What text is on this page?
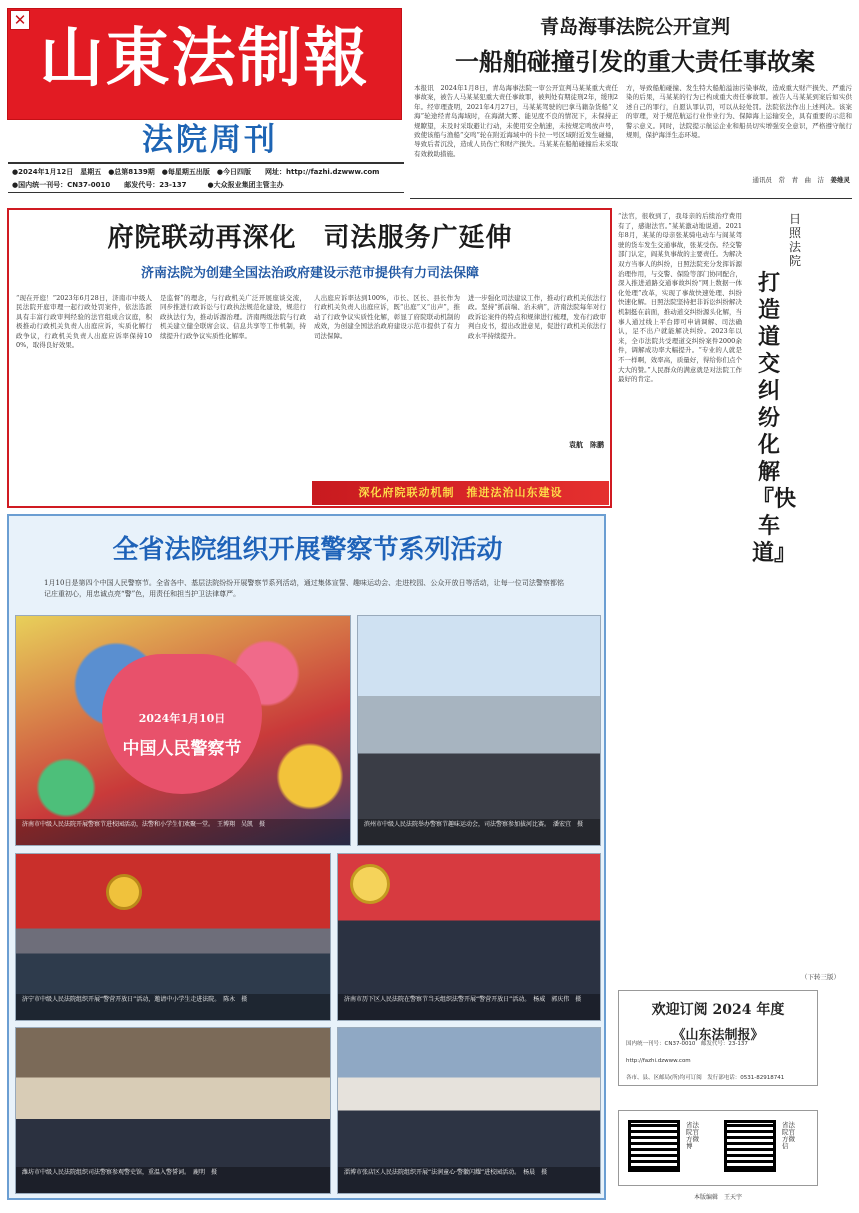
山東法制報
✕
法院周刊
●2024年1月12日　星期五　●总第8139期　●每星期五出版　●今日四版　　网址：http://fazhi.dzwww.com
●国内统一刊号：CN37-0010　　邮发代号：23-137　　　●大众报业集团主管主办
青岛海事法院公开宣判
一船舶碰撞引发的重大责任事故案
本报讯　2024年1月8日，青岛海事法院一审公开宣判马某某重大责任事故案，被告人马某某犯重大责任事故罪，被判处有期徒刑2年，缓刑2年。经审理查明，2021年4月27日，马某某驾驶的巴拿马籍杂货船“义海”轮途经青岛海域时，在海湖大雾、能见度不良的情况下，未保持正规瞭望，未及时采取避让行动，未使用安全航速，未按规定鸣放声号，致使该船与渔船“交鸣”轮在附近海域中的卡拉一号区域附近发生碰撞，导致后者沉没，造成人员伤亡和财产损失。马某某在船舶碰撞后未采取有效救助措施。
方，导致船舶碰撞、发生特大船舶溢油污染事故，造成重大财产损失、严重污染的后果，马某某的行为已构成重大责任事故罪。被告人马某某到案后如实供述自己的罪行，自愿认罪认罚，可以从轻处罚。法院依法作出上述判决。该案的审理，对于规范航运行业作业行为、保障海上运输安全，具有重要的示范和警示意义。同时，法院提示航运企业和船员切实增强安全意识，严格遵守航行规则，保护海洋生态环境。
通讯员　常　青　曲　洁　 姜维灵
府院联动再深化　司法服务广延伸
济南法院为创建全国法治政府建设示范市提供有力司法保障
“现在开庭！”2023年6月28日，济南市中级人民法院开庭审理一起行政处罚案件，依法选派具有丰富行政审判经验的法官组成合议庭，积极推动行政机关负责人出庭应诉，实质化解行政争议，行政机关负责人出庭应诉率保持100%，取得良好效果。
是监督”的理念，与行政机关广泛开展座谈交流，同步推进行政诉讼与行政执法规范化建设，规范行政执法行为，推动诉源治理。济南两级法院与行政机关建立健全联席会议、信息共享等工作机制，持续提升行政争议实质性化解率。
人出庭应诉率达到100%，市长、区长、县长作为行政机关负责人出庭应诉，既“出庭”又“出声”，推动了行政争议实质性化解，彰显了府院联动机制的成效，为创建全国法治政府建设示范市提供了有力司法保障。
进一步强化司法建议工作，推动行政机关依法行政。坚持“抓前端、治未病”，济南法院每年对行政诉讼案件的特点和规律进行梳理，发布行政审判白皮书，提出改进意见，促进行政机关依法行政水平持续提升。
袁航　陈鹏
深化府院联动机制　推进法治山东建设
全省法院组织开展警察节系列活动
1月10日是第四个中国人民警察节。全省各中、基层法院纷纷开展警察节系列活动，通过集体宣誓、趣味运动会、走进校园、公众开放日等活动，让每一位司法警察都铭记庄重初心，用忠诚点亮“警”色，用责任和担当护卫法律尊严。
2024年1月10日
中国人民警察节
济南市中级人民法院开展警察节进校园活动，法警和小学生们欢聚一堂。　王博翔　吴凯　摄	滨州市中级人民法院举办警察节趣味运动会，司法警察参加拔河比赛。　潘宏宜　摄
济宁市中级人民法院组织开展“警营开放日”活动，邀请中小学生走进法院。　陈永　摄	济南市历下区人民法院在警察节当天组织法警开展“警营开放日”活动。　杨威　郭庆伟　摄
潍坊市中级人民法院组织司法警察参观警史馆，重温入警誓词。　鹿明　摄	淄博市张店区人民法院组织开展“法润童心·警徽闪耀”进校园活动。　杨晨　摄
“法官，很收到了，我母亲的后续治疗费用有了，感谢法官。”某某激动地说道。2021年8月，某某的母亲张某骑电动车与阎某驾驶的货车发生交通事故，张某受伤。经交警部门认定，阎某负事故的主要责任。为解决双方当事人的纠纷，日照法院充分发挥诉源治理作用，与交警、保险等部门协同配合，深入推进道路交通事故纠纷“网上数据一体化处理”改革，实现了事故快速处理、纠纷快速化解。日照法院坚持把非诉讼纠纷解决机制挺在前面，推动道交纠纷源头化解，当事人通过线上平台即可申请调解、司法确认，足不出户就能解决纠纷。2023年以来，全市法院共受理道交纠纷案件2000余件，调解成功率大幅提升。“专业的人就是不一样啊，效率高，质量好，得给你们点个大大的赞。”人民群众的满意就是对法院工作最好的肯定。
（下转三版）
日照法院
打造道交纠纷化解『快车道』
欢迎订阅 2024 年度
《山东法制报》
国内统一刊号：CN37-0010　邮发代号：23-137
http://fazhi.dzwww.com
各市、县、区邮局(所)均可订阅　发行部电话：0531-82918741
省法院官方微博
省法院官方微信
本版编辑　王天宇
